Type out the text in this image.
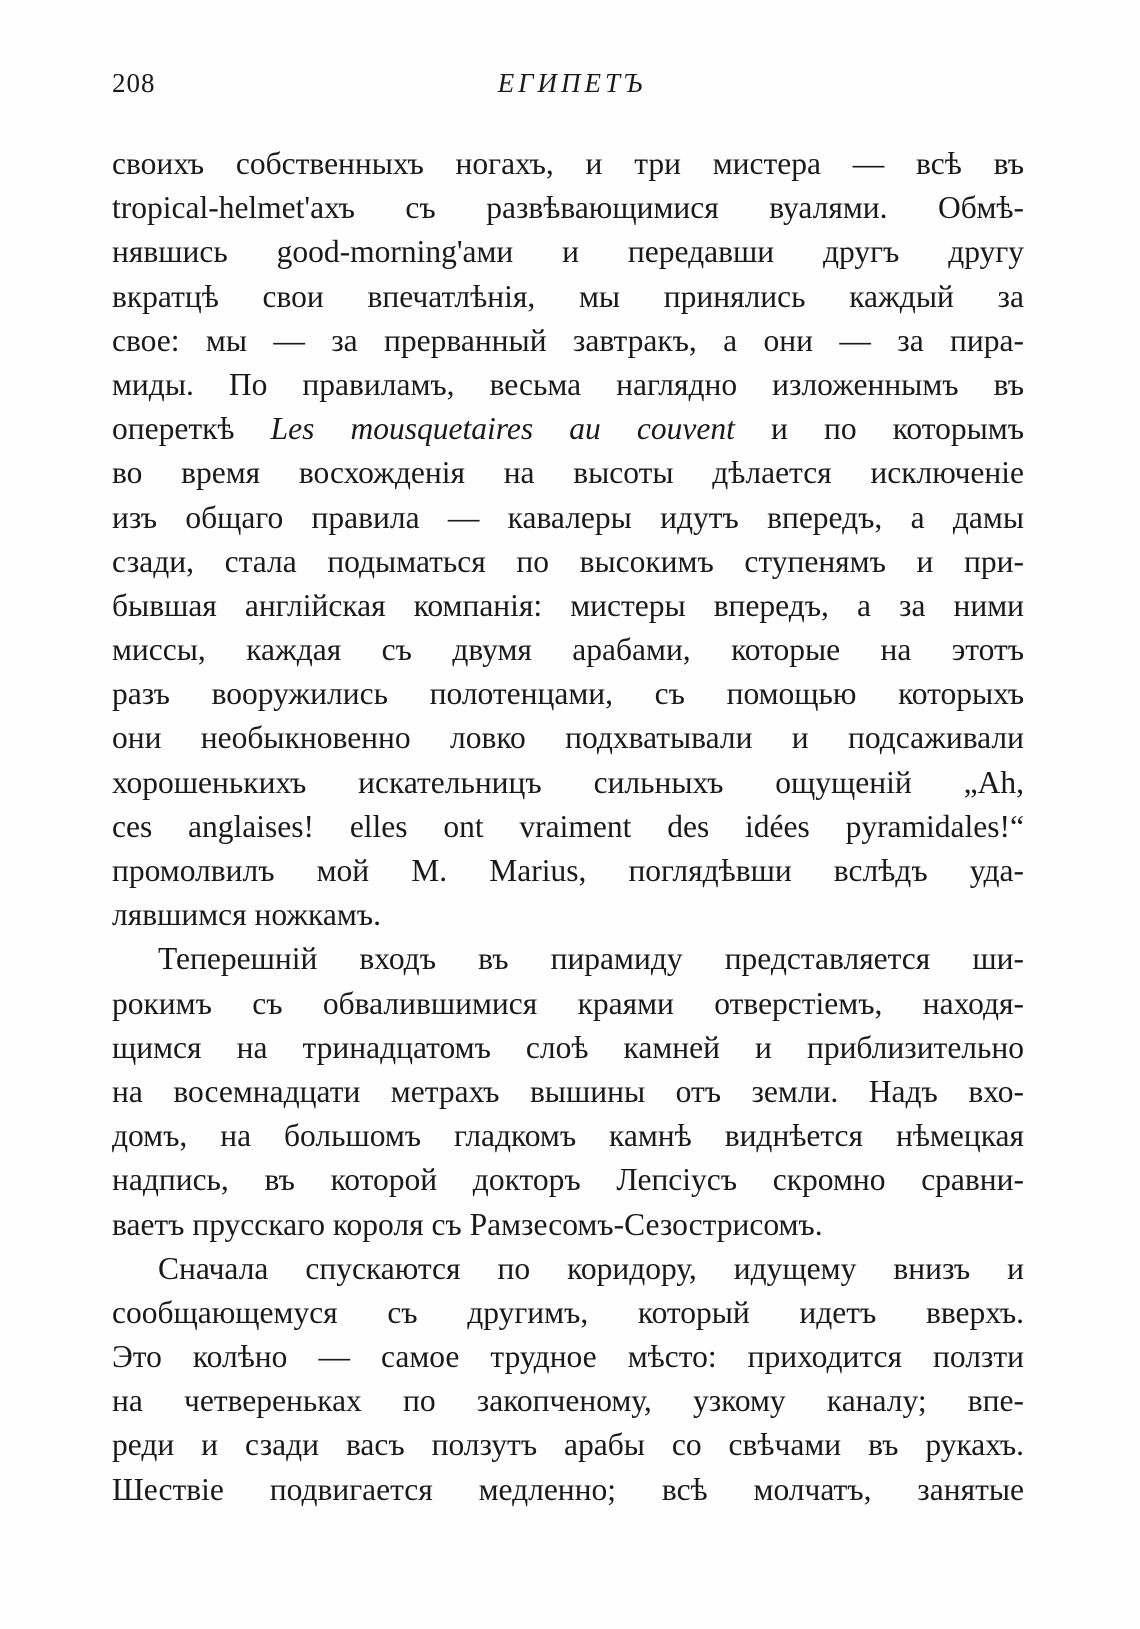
208	ЕГИПЕТЪ
своихъ собственныхъ ногахъ, и три мистера — всѣ въ
tropical-helmet'ахъ съ развѣвающимися вуалями. Обмѣ-
нявшись good-morning'ами и передавши другъ другу
вкратцѣ свои впечатлѣнія, мы принялись каждый за
свое: мы — за прерванный завтракъ, а они — за пира-
миды. По правиламъ, весьма наглядно изложеннымъ въ
опереткѣ Les mousquetaires au couvent и по которымъ
во время восхожденія на высоты дѣлается исключеніе
изъ общаго правила — кавалеры идутъ впередъ, а дамы
сзади, стала подыматься по высокимъ ступенямъ и при-
бывшая англійская компанія: мистеры впередъ, а за ними
миссы, каждая съ двумя арабами, которые на этотъ
разъ вооружились полотенцами, съ помощью которыхъ
они необыкновенно ловко подхватывали и подсаживали
хорошенькихъ искательницъ сильныхъ ощущеній „Ah,
ces anglaises! elles ont vraiment des idées pyramidales!“
промолвилъ мой M. Marius, поглядѣвши вслѣдъ уда-
лявшимся ножкамъ.
Теперешній входъ въ пирамиду представляется ши-
рокимъ съ обвалившимися краями отверстіемъ, находя-
щимся на тринадцатомъ слоѣ камней и приблизительно
на восемнадцати метрахъ вышины отъ земли. Надъ вхо-
домъ, на большомъ гладкомъ камнѣ виднѣется нѣмецкая
надпись, въ которой докторъ Лепсіусъ скромно сравни-
ваетъ прусскаго короля съ Рамзесомъ-Сезострисомъ.
Сначала спускаются по коридору, идущему внизъ и
сообщающемуся съ другимъ, который идетъ вверхъ.
Это колѣно — самое трудное мѣсто: приходится ползти
на четвереньках по закопченому, узкому каналу; впе-
реди и сзади васъ ползутъ арабы со свѣчами въ рукахъ.
Шествіе подвигается медленно; всѣ молчатъ, занятые
